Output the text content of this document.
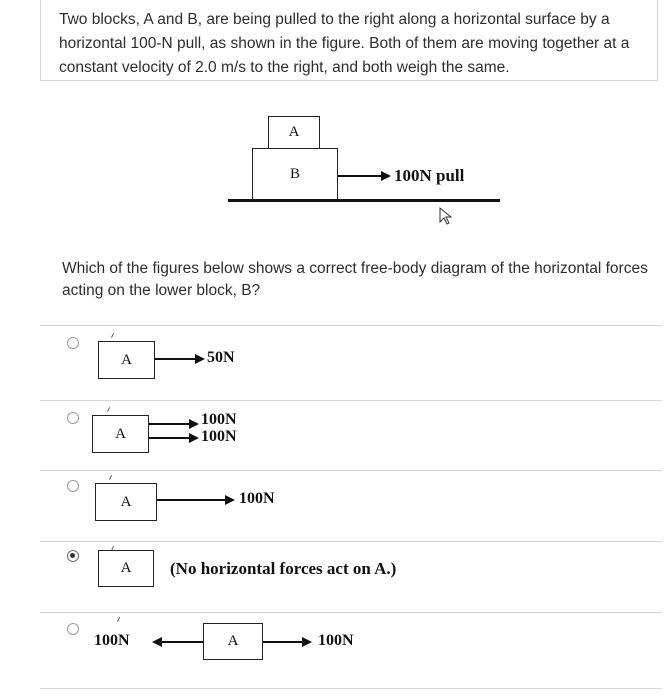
Two blocks, A and B, are being pulled to the right along a horizontal surface by a horizontal 100-N pull, as shown in the figure. Both of them are moving together at a constant velocity of 2.0 m/s to the right, and both weigh the same.
A
B	100N pull
Which of the figures below shows a correct free-body diagram of the horizontal forces acting on the lower block, B?
A	50N
A
100N
100N
A	100N
A (No horizontal forces act on A.)
100N	A	100N
